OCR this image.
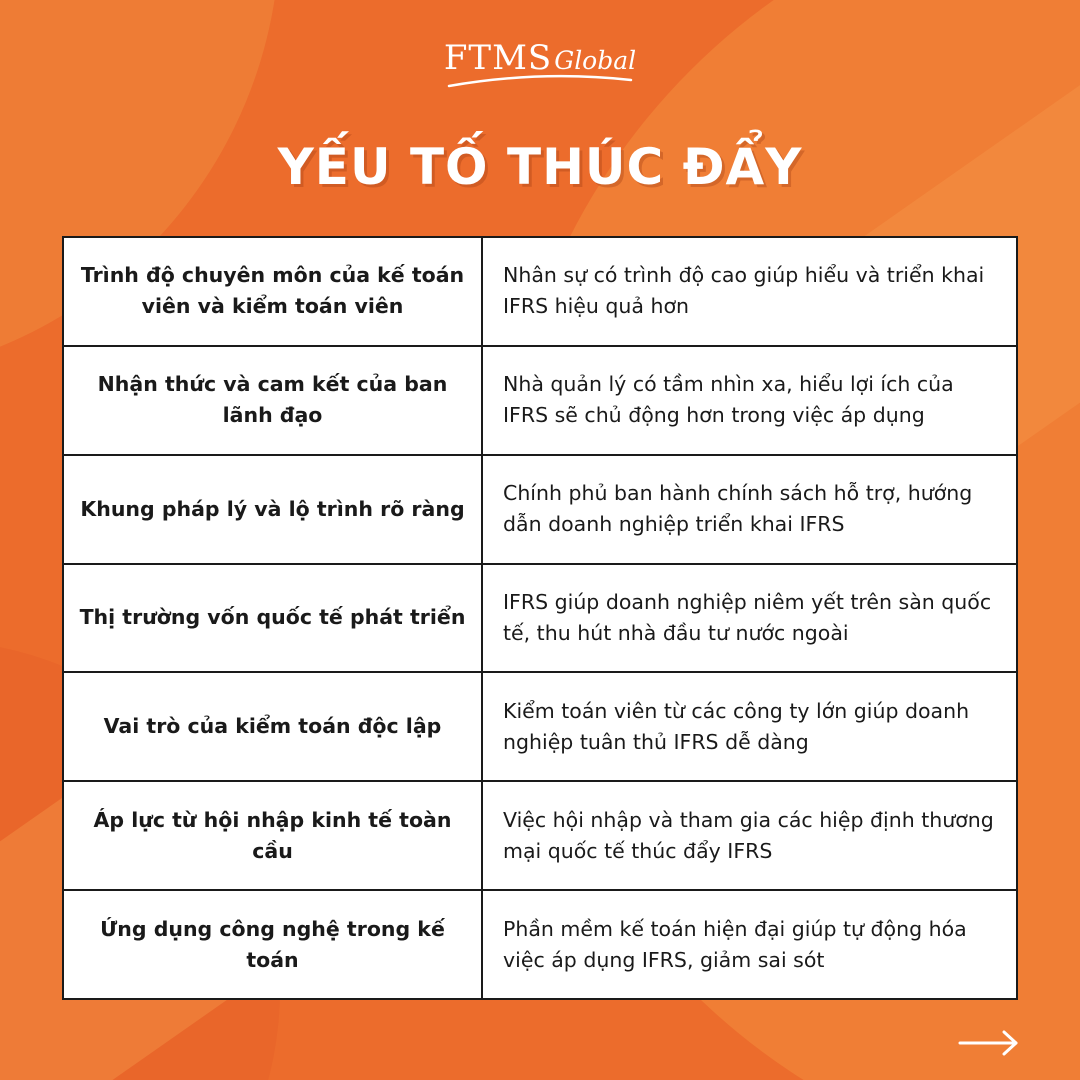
FTMSGlobal
YẾU TỐ THÚC ĐẨY
Trình độ chuyên môn của kế toán viên và kiểm toán viên	Nhân sự có trình độ cao giúp hiểu và triển khai IFRS hiệu quả hơn
Nhận thức và cam kết của ban lãnh đạo	Nhà quản lý có tầm nhìn xa, hiểu lợi ích của IFRS sẽ chủ động hơn trong việc áp dụng
Khung pháp lý và lộ trình rõ ràng	Chính phủ ban hành chính sách hỗ trợ, hướng dẫn doanh nghiệp triển khai IFRS
Thị trường vốn quốc tế phát triển	IFRS giúp doanh nghiệp niêm yết trên sàn quốc tế, thu hút nhà đầu tư nước ngoài
Vai trò của kiểm toán độc lập	Kiểm toán viên từ các công ty lớn giúp doanh nghiệp tuân thủ IFRS dễ dàng
Áp lực từ hội nhập kinh tế toàn cầu	Việc hội nhập và tham gia các hiệp định thương mại quốc tế thúc đẩy IFRS
Ứng dụng công nghệ trong kế toán	Phần mềm kế toán hiện đại giúp tự động hóa việc áp dụng IFRS, giảm sai sót
